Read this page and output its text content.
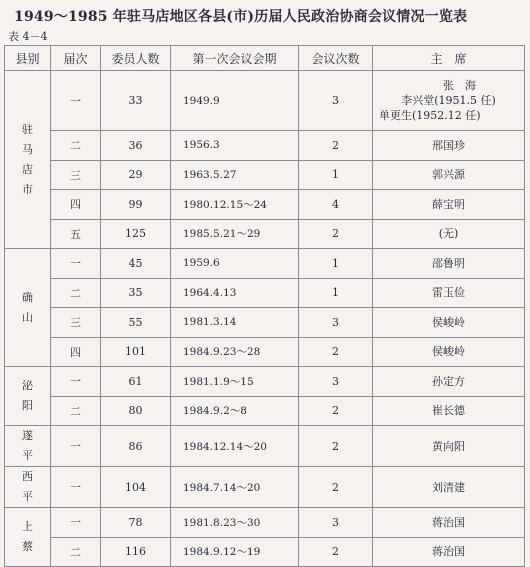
1949～1985 年驻马店地区各县(市)历届人民政治协商会议情况一览表
表 4－4
县别	届次	委员人数	第一次会议会期	会议次数	主　席

驻
马
店
市	一	33	1949.9	3	张　海
李兴堂(1951.5 任)
单更生(1952.12 任)

	二	36	1956.3	2	邢国珍

	三	29	1963.5.27	1	郭兴源

	四	99	1980.12.15～24	4	薛宝明

	五	125	1985.5.21～29	2	(无)

确
山	一	45	1959.6	1	邵鲁明

	二	35	1964.4.13	1	雷玉俭

	三	55	1981.3.14	3	侯峻岭

	四	101	1984.9.23～28	2	侯峻岭

泌
阳	一	61	1981.1.9～15	3	孙定方

	二	80	1984.9.2～8	2	崔长德

遂
平	一	86	1984.12.14～20	2	黄向阳

西
平	一	104	1984.7.14～20	2	刘清建

上
蔡	一	78	1981.8.23～30	3	蒋治国

	二	116	1984.9.12～19	2	蒋治国
